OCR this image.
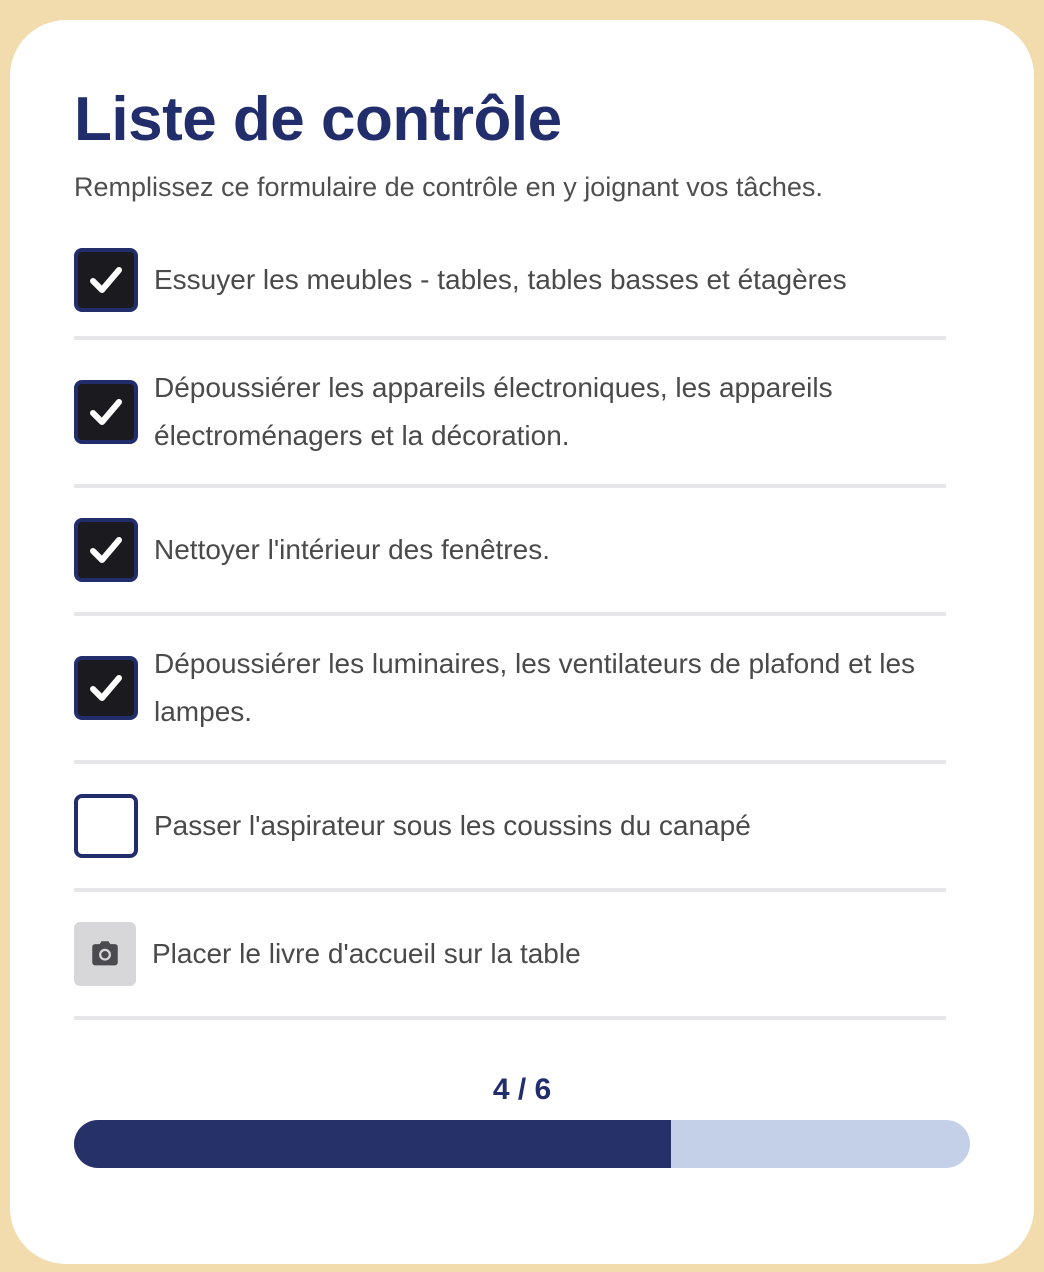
Liste de contrôle

Remplissez ce formulaire de contrôle en y joignant vos tâches.

Essuyer les meubles - tables, tables basses et étagères
Dépoussiérer les appareils électroniques, les appareils électroménagers et la décoration.
Nettoyer l'intérieur des fenêtres.
Dépoussiérer les luminaires, les ventilateurs de plafond et les lampes.
Passer l'aspirateur sous les coussins du canapé
Placer le livre d'accueil sur la table
4 / 6
